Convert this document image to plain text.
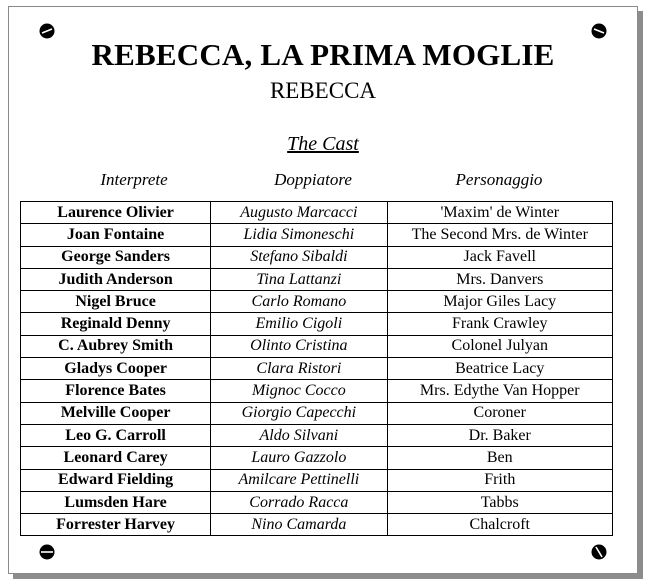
REBECCA, LA PRIMA MOGLIE
REBECCA
The Cast
Interprete	Doppiatore	Personaggio
Laurence Olivier	Augusto Marcacci	'Maxim' de Winter
Joan Fontaine	Lidia Simoneschi	The Second Mrs. de Winter
George Sanders	Stefano Sibaldi	Jack Favell
Judith Anderson	Tina Lattanzi	Mrs. Danvers
Nigel Bruce	Carlo Romano	Major Giles Lacy
Reginald Denny	Emilio Cigoli	Frank Crawley
C. Aubrey Smith	Olinto Cristina	Colonel Julyan
Gladys Cooper	Clara Ristori	Beatrice Lacy
Florence Bates	Mignoc Cocco	Mrs. Edythe Van Hopper
Melville Cooper	Giorgio Capecchi	Coroner
Leo G. Carroll	Aldo Silvani	Dr. Baker
Leonard Carey	Lauro Gazzolo	Ben
Edward Fielding	Amilcare Pettinelli	Frith
Lumsden Hare	Corrado Racca	Tabbs
Forrester Harvey	Nino Camarda	Chalcroft
